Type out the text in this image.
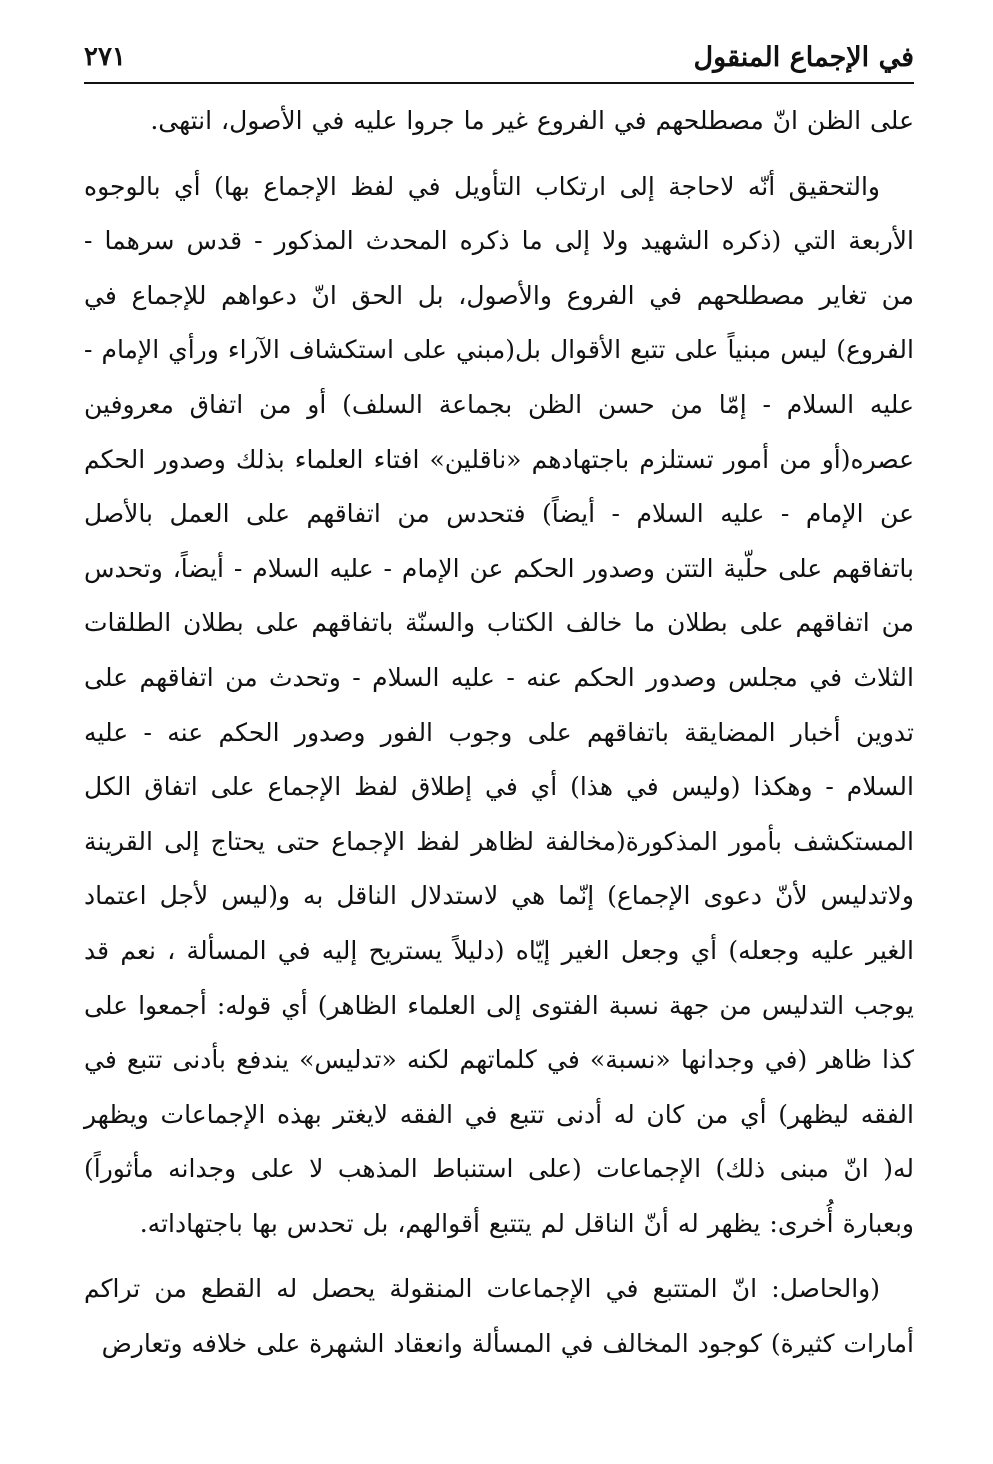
في الإجماع المنقول
٢٧١

على الظن انّ مصطلحهم في الفروع غير ما جروا عليه في الأصول، انتهى.

والتحقيق أنّه لاحاجة إلى ارتكاب التأويل في لفظ الإجماع بها) أي بالوجوه الأربعة التي (ذكره الشهيد ولا إلى ما ذكره المحدث المذكور - قدس سرهما - من تغاير مصطلحهم في الفروع والأصول، بل الحق انّ دعواهم للإجماع في الفروع) ليس مبنياً على تتبع الأقوال بل(مبني على استكشاف الآراء ورأي الإمام - عليه السلام - إمّا من حسن الظن بجماعة السلف) أو من اتفاق معروفين عصره(أو من أمور تستلزم باجتهادهم «ناقلين» افتاء العلماء بذلك وصدور الحكم عن الإمام - عليه السلام - أيضاً) فتحدس من اتفاقهم على العمل بالأصل باتفاقهم على حلّية التتن وصدور الحكم عن الإمام - عليه السلام - أيضاً، وتحدس من اتفاقهم على بطلان ما خالف الكتاب والسنّة باتفاقهم على بطلان الطلقات الثلاث في مجلس وصدور الحكم عنه - عليه السلام - وتحدث من اتفاقهم على تدوين أخبار المضايقة باتفاقهم على وجوب الفور وصدور الحكم عنه - عليه السلام - وهكذا (وليس في هذا) أي في إطلاق لفظ الإجماع على اتفاق الكل المستكشف بأمور المذكورة(مخالفة لظاهر لفظ الإجماع حتى يحتاج إلى القرينة ولاتدليس لأنّ دعوى الإجماع) إنّما هي لاستدلال الناقل به و(ليس لأجل اعتماد الغير عليه وجعله) أي وجعل الغير إيّاه (دليلاً يستريح إليه في المسألة ، نعم قد يوجب التدليس من جهة نسبة الفتوى إلى العلماء الظاهر) أي قوله: أجمعوا على كذا ظاهر (في وجدانها «نسبة» في كلماتهم لكنه «تدليس» يندفع بأدنى تتبع في الفقه ليظهر) أي من كان له أدنى تتبع في الفقه لايغتر بهذه الإجماعات ويظهر له( انّ مبنى ذلك) الإجماعات (على استنباط المذهب لا على وجدانه مأثوراً) وبعبارة أُخرى: يظهر له أنّ الناقل لم يتتبع أقوالهم، بل تحدس بها باجتهاداته.

(والحاصل: انّ المتتبع في الإجماعات المنقولة يحصل له القطع من تراكم أمارات كثيرة) كوجود المخالف في المسألة وانعقاد الشهرة على خلافه وتعارض
